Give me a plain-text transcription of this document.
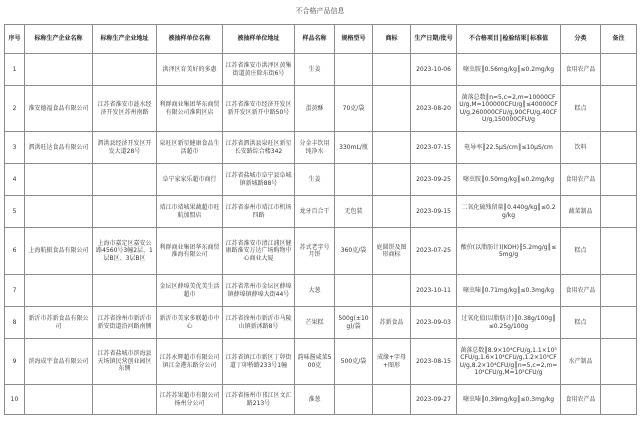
不合格产品信息
序号	标称生产企业名称	标称生产企业地址	被抽样单位名称	被抽样单位地址	样品名称	规格型号	商标	生产日期/批号	不合格项目║检验结果║标准值	分类	备注
1			洪泽区育美好的多惠	江苏省淮安市洪泽区黄集街道黄庄除东街6号	生姜			2023-10-06	噻虫胺║0.56mg/kg║≤0.2mg/kg	食用农产品	
2	淮安德福食品有限公司	江苏省淮安市涟水经济开发区苏州南路	利群商业集团华东商贸有限公司淮阴区店	江苏省淮安市经济开发区新开发区新开中路50号	蛋黄酥	70克/袋		2023-08-20	菌落总数║n=5,c=2,m=10000CFU/g,M=100000CFU/g║≤40000CFU/g,260000CFU/g,90CFU/g,40CFU/g,150000CFU/g	糕点	
3	泗洪旺达食品有限公司	泗洪县经济开发区开发大道28号	泉旺区新星健康食品生活超市	江苏省泗洪县泉旺区新星长安路综合楼342	分金丰饮用纯净水	330mL/瓶		2023-07-15	电导率║22.5μS/cm║≤10μS/cm	饮料	
4			阜宁家家乐超市商行	江苏省盐城市阜宁县阜城镇新城路88号	生姜			2023-09-25	噻虫胺║0.50mg/kg║≤0.2mg/kg	食用农产品	
5			靖江市靖城果蔬超市旺航加盟店	江苏省泰州市靖江市机场四路	龙牙百合干	无包装		2023-09-15	二氧化硫残留量║0.440g/kg║≤0.2g/kg	蔬菜制品	
6	上海航振食品有限公司	上海市嘉定区嘉安公路4560号3幢2层、1层B区、3层B区	利群商业集团华东商贸淮海有限公司	江苏省淮安市清江浦区健康路淮安万达广场购物中心商业大厦	苏式老字号月饼	360克/袋	庭圆饼及图形商标	2023-07-25	酸价(以脂肪计)(KOH)║5.2mg/g║≤5mg/g	糕点	
7			金坛区薛埠美优美生活超市	江苏省常州市金坛区薛埠镇薛埠镇薛埠大街44号	大葱			2023-10-11	噻虫嗪║0.71mg/kg║≤0.3mg/kg	食用农产品	
8	新沂市苏新食品有限公司	江苏省徐州市新沂市新安街道沿河路南侧	新沂市美家多联超市中心	江苏省徐州市新沂市马陵山镇新沭路8号	芒果糕	500g(±10g)/袋	苏新食品	2023-09-03	过氧化值(以脂肪计)║0.38g/100g║≤0.25g/100g	糕点	
9	滨海成宇食品有限公司	江苏省盐城市滨海县天场镇民营创业园区东侧	江苏永辉超市有限公司镇江金港东路分公司	江苏省镇江市新区丁卯街道丁卯桥路233号1幢	韵味酱咸菜500克	500克/袋	成缘+字母+图形	2023-08-15	菌落总数║8.9×10⁴CFU/g,1.1×10⁵CFU/g,1.6×10⁴CFU/g,1.2×10⁵CFU/g,8.2×10⁴CFU/g║n=5,c=2,m=10⁴CFU/g,M=10⁵CFU/g	水产制品	
10			江苏苏果超市有限公司扬州分公司	江苏省扬州市邗江区文汇路213号	淮葱			2023-09-27	噻虫嗪║0.39mg/kg║≤0.3mg/kg	食用农产品	
